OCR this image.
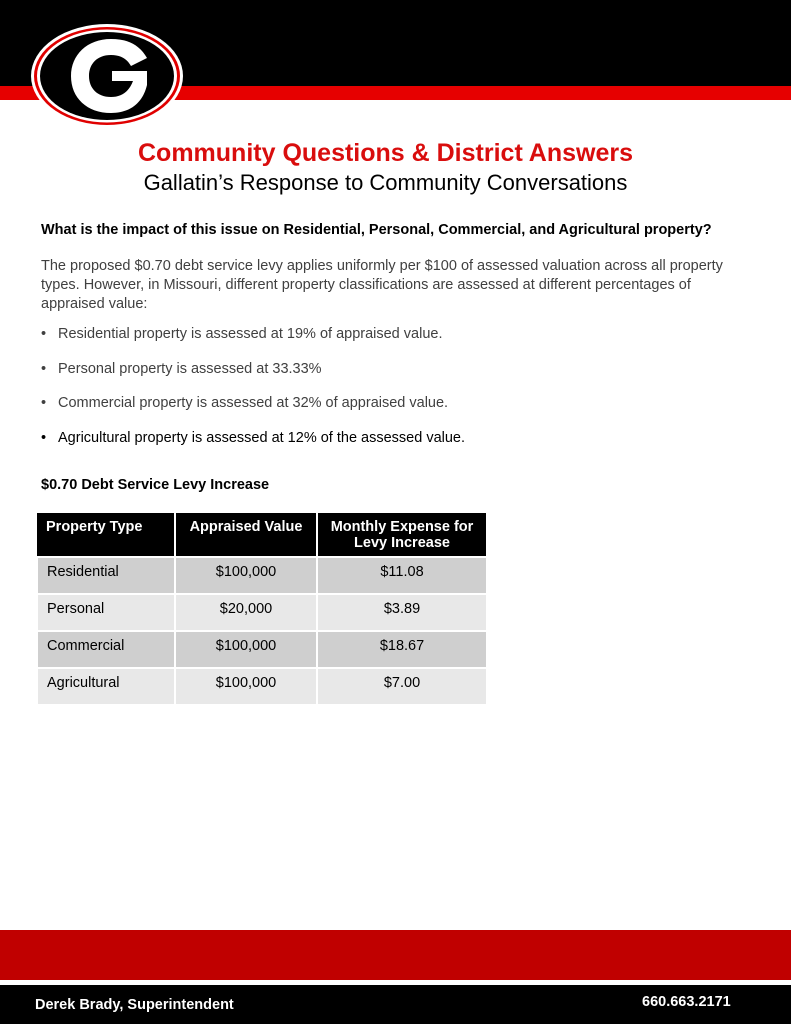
Community Questions & District Answers
Gallatin’s Response to Community Conversations
What is the impact of this issue on Residential, Personal, Commercial, and Agricultural property?
The proposed $0.70 debt service levy applies uniformly per $100 of assessed valuation across all property types. However, in Missouri, different property classifications are assessed at different percentages of appraised value:
• Residential property is assessed at 19% of appraised value.
• Personal property is assessed at 33.33%
• Commercial property is assessed at 32% of appraised value.
• Agricultural property is assessed at 12% of the assessed value.
$0.70 Debt Service Levy Increase
Property Type	Appraised Value	Monthly Expense for Levy Increase
Residential	$100,000	$11.08
Personal	$20,000	$3.89
Commercial	$100,000	$18.67
Agricultural	$100,000	$7.00
Derek Brady, Superintendent	660.663.2171
